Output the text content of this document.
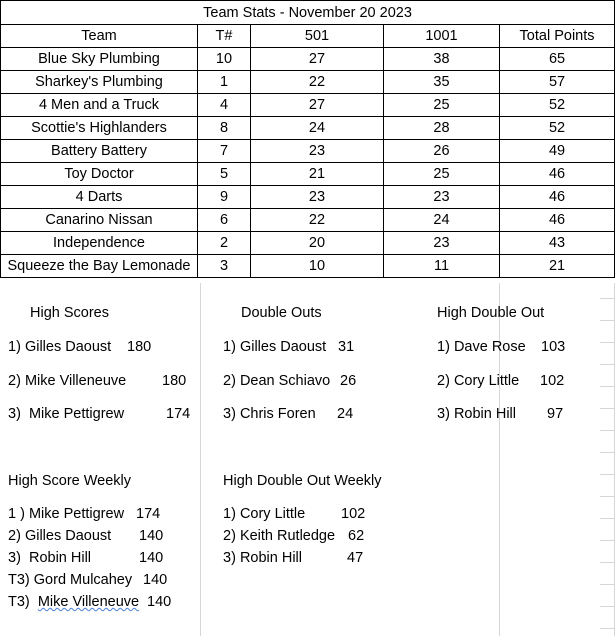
Team Stats - November 20 2023				
Team	T#	501	1001	Total Points
Blue Sky Plumbing	10	27	38	65
Sharkey's Plumbing	1	22	35	57
4 Men and a Truck	4	27	25	52
Scottie's Highlanders	8	24	28	52
Battery Battery	7	23	26	49
Toy Doctor	5	21	25	46
4 Darts	9	23	23	46
Canarino Nissan	6	22	24	46
Independence	2	20	23	43
Squeeze the Bay Lemonade	3	10	11	21
High Scores
1) Gilles Daoust 180
2) Mike Villeneuve 180
3) Mike Pettigrew	174
Double Outs
1) Gilles Daoust 31
2) Dean Schiavo 26
3) Chris Foren 24
High Double Out
1) Dave Rose 103
2) Cory Little 102
3) Robin Hill 97
High Score Weekly
1 ) Mike Pettigrew 174
2) Gilles Daoust 140
3) Robin Hill	140
T3) Gord Mulcahey 140
T3) Mike Villeneuve 140
High Double Out Weekly
1) Cory Little 102
2) Keith Rutledge 62
3) Robin Hill	47
